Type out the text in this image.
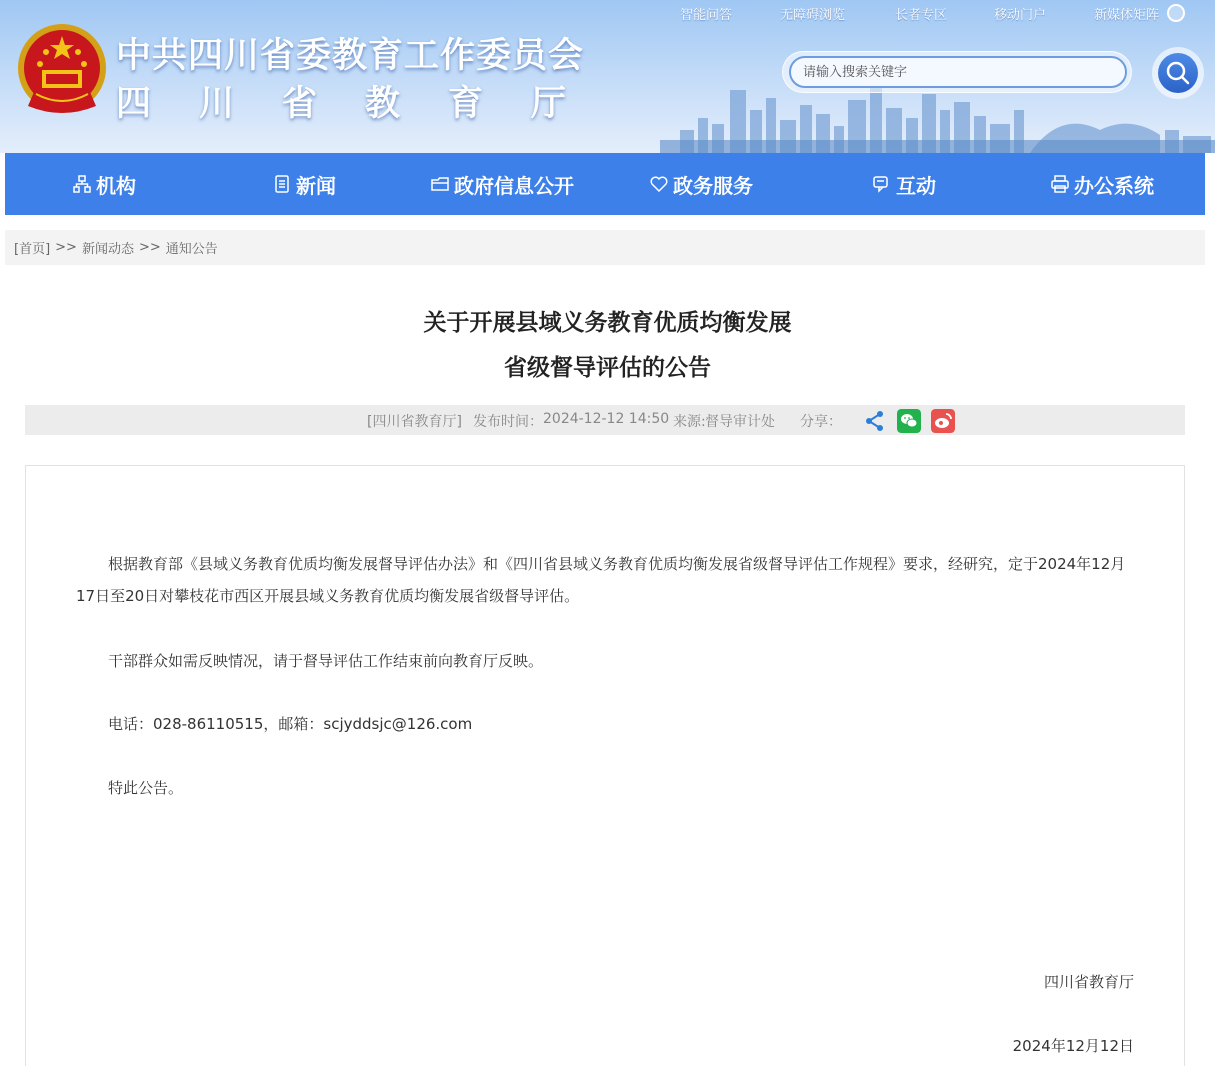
中共四川省委教育工作委员会
四 川 省 教 育 厅
智能问答	无障碍浏览	长者专区	移动门户	新媒体矩阵
请输入搜索关键字
机构	新闻	政府信息公开	政务服务	互动	办公系统
[首页] >> 新闻动态 >> 通知公告
关于开展县域义务教育优质均衡发展
省级督导评估的公告
[四川省教育厅] 发布时间： 2024-12-12 14:50 来源: 督导审计处 分享：
根据教育部《县域义务教育优质均衡发展督导评估办法》和《四川省县域义务教育优质均衡发展省级督导评估工作规程》要求，经研究，定于2024年12月17日至20日对攀枝花市西区开展县域义务教育优质均衡发展省级督导评估。
干部群众如需反映情况，请于督导评估工作结束前向教育厅反映。
电话：028-86110515，邮箱：scjyddsjc@126.com
特此公告。
四川省教育厅
2024年12月12日
